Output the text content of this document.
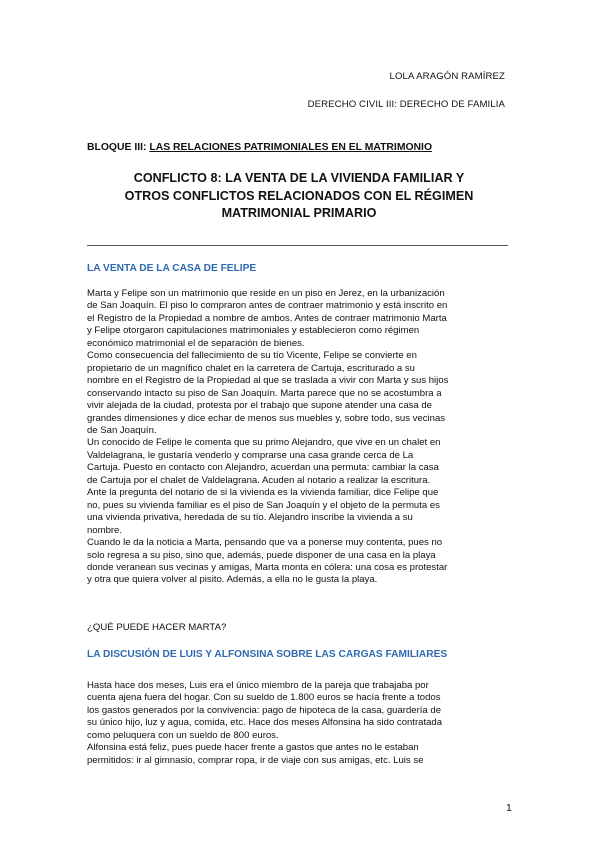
LOLA ARAGÓN RAMÍREZ
DERECHO CIVIL III: DERECHO DE FAMILIA
BLOQUE III: LAS RELACIONES PATRIMONIALES EN EL MATRIMONIO
CONFLICTO 8: LA VENTA DE LA VIVIENDA FAMILIAR Y
OTROS CONFLICTOS RELACIONADOS CON EL RÉGIMEN
MATRIMONIAL PRIMARIO
LA VENTA DE LA CASA DE FELIPE
Marta y Felipe son un matrimonio que reside en un piso en Jerez, en la urbanización
de San Joaquín. El piso lo compraron antes de contraer matrimonio y está inscrito en
el Registro de la Propiedad a nombre de ambos. Antes de contraer matrimonio Marta
y Felipe otorgaron capitulaciones matrimoniales y establecieron como régimen
económico matrimonial el de separación de bienes.
Como consecuencia del fallecimiento de su tío Vicente, Felipe se convierte en
propietario de un magnífico chalet en la carretera de Cartuja, escriturado a su
nombre en el Registro de la Propiedad al que se traslada a vivir con Marta y sus hijos
conservando intacto su piso de San Joaquín. Marta parece que no se acostumbra a
vivir alejada de la ciudad, protesta por el trabajo que supone atender una casa de
grandes dimensiones y dice echar de menos sus muebles y, sobre todo, sus vecinas
de San Joaquín.
Un conocido de Felipe le comenta que su primo Alejandro, que vive en un chalet en
Valdelagrana, le gustaría venderlo y comprarse una casa grande cerca de La
Cartuja. Puesto en contacto con Alejandro, acuerdan una permuta: cambiar la casa
de Cartuja por el chalet de Valdelagrana. Acuden al notario a realizar la escritura.
Ante la pregunta del notario de si la vivienda es la vivienda familiar, dice Felipe que
no, pues su vivienda familiar es el piso de San Joaquín y el objeto de la permuta es
una vivienda privativa, heredada de su tío. Alejandro inscribe la vivienda a su
nombre.
Cuando le da la noticia a Marta, pensando que va a ponerse muy contenta, pues no
solo regresa a su piso, sino que, además, puede disponer de una casa en la playa
donde veranean sus vecinas y amigas, Marta monta en cólera: una cosa es protestar
y otra que quiera volver al pisito. Además, a ella no le gusta la playa.
¿QUÉ PUEDE HACER MARTA?
LA DISCUSIÓN DE LUIS Y ALFONSINA SOBRE LAS CARGAS FAMILIARES
Hasta hace dos meses, Luis era el único miembro de la pareja que trabajaba por
cuenta ajena fuera del hogar. Con su sueldo de 1.800 euros se hacía frente a todos
los gastos generados por la convivencia: pago de hipoteca de la casa, guardería de
su único hijo, luz y agua, comida, etc. Hace dos meses Alfonsina ha sido contratada
como peluquera con un sueldo de 800 euros.
Alfonsina está feliz, pues puede hacer frente a gastos que antes no le estaban
permitidos: ir al gimnasio, comprar ropa, ir de viaje con sus amigas, etc. Luis se
1
